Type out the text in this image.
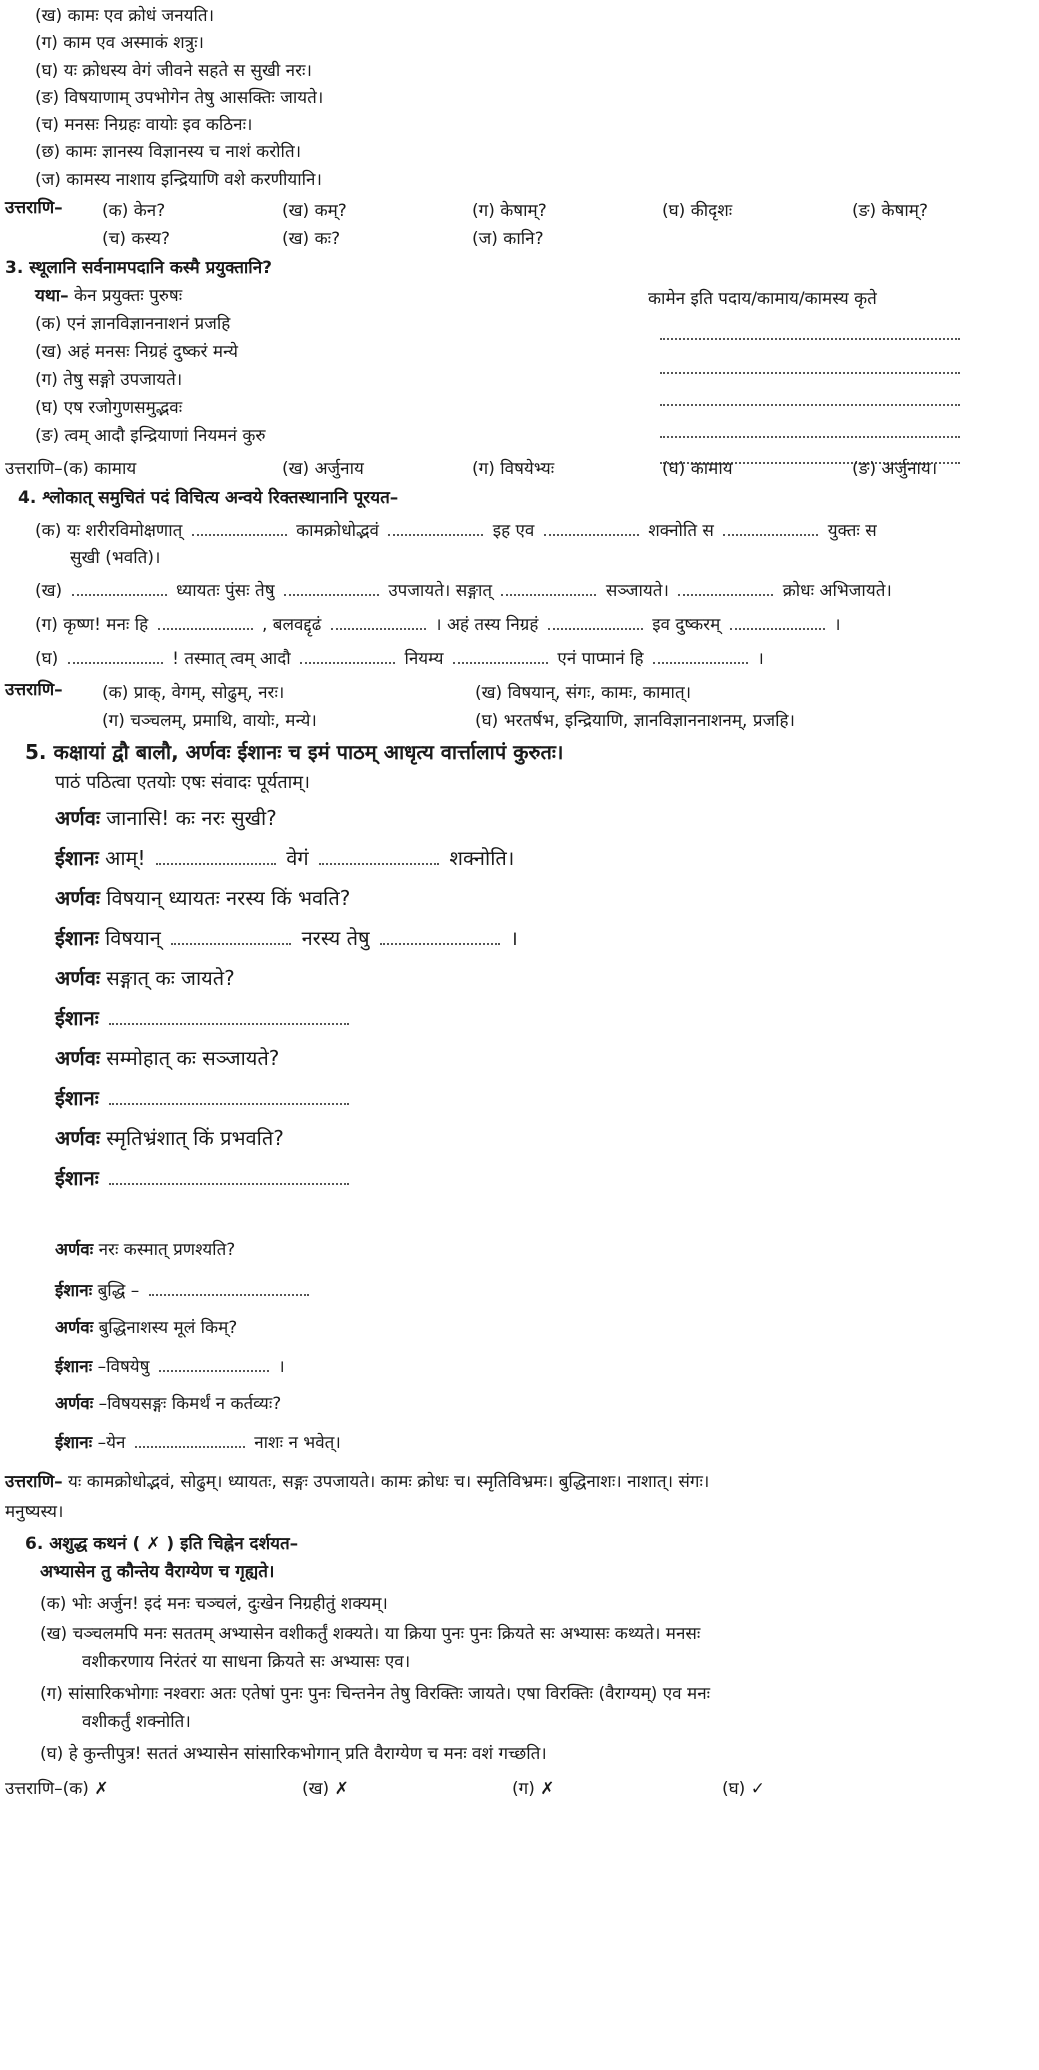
(ख) कामः एव क्रोधं जनयति।
(ग) काम एव अस्माकं शत्रुः।
(घ) यः क्रोधस्य वेगं जीवने सहते स सुखी नरः।
(ङ) विषयाणाम् उपभोगेन तेषु आसक्तिः जायते।
(च) मनसः निग्रहः वायोः इव कठिनः।
(छ) कामः ज्ञानस्य विज्ञानस्य च नाशं करोति।
(ज) कामस्य नाशाय इन्द्रियाणि वशे करणीयानि।
उत्तराणि– (क) केन?	(ख) कम्?	(ग) केषाम्?	(घ) कीदृशः	(ङ) केषाम्?
(च) कस्य?	(ख) कः?	(ज) कानि?
3. स्थूलानि सर्वनामपदानि कस्मै प्रयुक्तानि?
यथा– केन प्रयुक्तः पुरुषः	कामेन इति पदाय/कामाय/कामस्य कृते
(क) एनं ज्ञानविज्ञाननाशनं प्रजहि
(ख) अहं मनसः निग्रहं दुष्करं मन्ये
(ग) तेषु सङ्गो उपजायते।
(घ) एष रजोगुणसमुद्भवः
(ङ) त्वम् आदौ इन्द्रियाणां नियमनं कुरु
उत्तराणि–(क) कामाय	(ख) अर्जुनाय	(ग) विषयेभ्यः	(घ) कामाय	(ङ) अर्जुनाय।
4. श्लोकात् समुचितं पदं विचित्य अन्वये रिक्तस्थानानि पूरयत–
(क) यः शरीरविमोक्षणात्	कामक्रोधोद्भवं	इह एव	शक्नोति स	युक्तः स
सुखी (भवति)।
(ख)	ध्यायतः पुंसः तेषु	उपजायते। सङ्गात्	सञ्जायते।	क्रोधः अभिजायते।
(ग) कृष्ण! मनः हि	, बलवद्दृढं	। अहं तस्य निग्रहं	इव दुष्करम्	।
(घ)	! तस्मात् त्वम् आदौ	नियम्य	एनं पाप्मानं हि	।
उत्तराणि– (क) प्राक्, वेगम्, सोढुम्, नरः।	(ख) विषयान्, संगः, कामः, कामात्।
(ग) चञ्चलम्, प्रमाथि, वायोः, मन्ये।	(घ) भरतर्षभ, इन्द्रियाणि, ज्ञानविज्ञाननाशनम्, प्रजहि।
5. कक्षायां द्वौ बालौ, अर्णवः ईशानः च इमं पाठम् आधृत्य वार्त्तालापं कुरुतः।
पाठं पठित्वा एतयोः एषः संवादः पूर्यताम्।
अर्णवः जानासि! कः नरः सुखी?
ईशानः आम्!	वेगं	शक्नोति।
अर्णवः विषयान् ध्यायतः नरस्य किं भवति?
ईशानः विषयान्	नरस्य तेषु	।
अर्णवः सङ्गात् कः जायते?
ईशानः
अर्णवः सम्मोहात् कः सञ्जायते?
ईशानः
अर्णवः स्मृतिभ्रंशात् किं प्रभवति?
ईशानः
अर्णवः नरः कस्मात् प्रणश्यति?
ईशानः बुद्धि –
अर्णवः बुद्धिनाशस्य मूलं किम्?
ईशानः –विषयेषु	।
अर्णवः –विषयसङ्गः किमर्थं न कर्तव्यः?
ईशानः –येन	नाशः न भवेत्।
उत्तराणि– यः कामक्रोधोद्भवं, सोढुम्। ध्यायतः, सङ्गः उपजायते। कामः क्रोधः च। स्मृतिविभ्रमः। बुद्धिनाशः। नाशात्। संगः।
मनुष्यस्य।
6. अशुद्ध कथनं ( ✗ ) इति चिह्नेन दर्शयत–
अभ्यासेन तु कौन्तेय वैराग्येण च गृह्यते।
(क) भोः अर्जुन! इदं मनः चञ्चलं, दुःखेन निग्रहीतुं शक्यम्।
(ख) चञ्चलमपि मनः सततम् अभ्यासेन वशीकर्तुं शक्यते। या क्रिया पुनः पुनः क्रियते सः अभ्यासः कथ्यते। मनसः
वशीकरणाय निरंतरं या साधना क्रियते सः अभ्यासः एव।
(ग) सांसारिकभोगाः नश्वराः अतः एतेषां पुनः पुनः चिन्तनेन तेषु विरक्तिः जायते। एषा विरक्तिः (वैराग्यम्) एव मनः
वशीकर्तुं शक्नोति।
(घ) हे कुन्तीपुत्र! सततं अभ्यासेन सांसारिकभोगान् प्रति वैराग्येण च मनः वशं गच्छति।
उत्तराणि–(क) ✗	(ख) ✗	(ग) ✗	(घ) ✓
